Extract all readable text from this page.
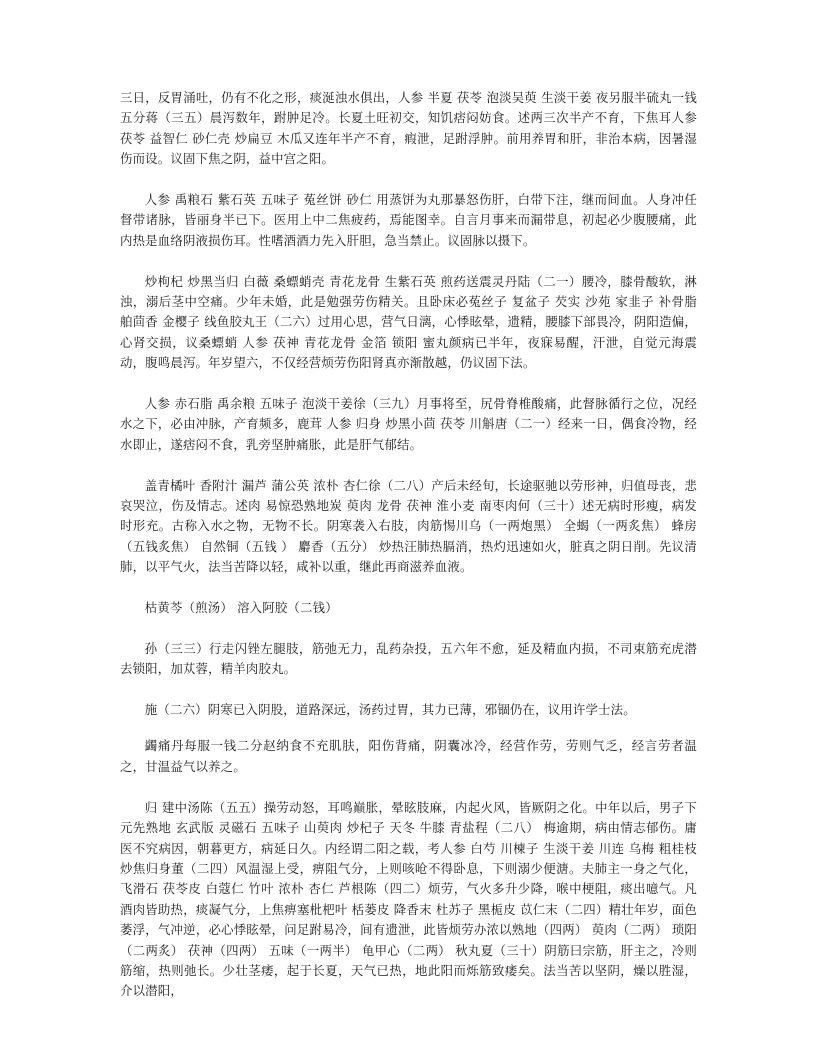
三日，反胃涌吐，仍有不化之形，痰涎浊水俱出，人参 半夏 茯苓 泡淡吴萸 生淡干姜 夜另服半硫丸一钱五分蒋（三五）晨泻数年，跗肿足冷。长夏土旺初交，知饥痞闷妨食。述两三次半产不育，下焦耳人参 茯苓 益智仁 砂仁壳 炒扁豆 木瓜又连年半产不育，瘕泄，足跗浮肿。前用养胃和肝，非治本病，因暑湿伤而设。议固下焦之阴，益中宫之阳。

人参 禹粮石 紫石英 五味子 菟丝饼 砂仁 用蒸饼为丸那暴怒伤肝，白带下注，继而间血。人身冲任督带诸脉，皆丽身半已下。医用上中二焦疲药，焉能图幸。自言月事来而漏带息，初起必少腹腰痛，此内热是血络阴液损伤耳。性嗜酒酒力先入肝胆，急当禁止。议固脉以摄下。

炒枸杞 炒黑当归 白薇 桑螵蛸壳 青花龙骨 生紫石英 煎药送震灵丹陆（二一）腰冷，膝骨酸软，淋浊，溺后茎中空痛。少年未婚，此是勉强劳伤精关。且卧床必菟丝子 复盆子 芡实 沙苑 家韭子 补骨脂 舶茴香 金樱子 线鱼胶丸王（二六）过用心思，营气日漓，心悸眩晕，遗精，腰膝下部畏冷，阴阳造偏，心肾交损，议桑螵蛸 人参 茯神 青花龙骨 金箔 锁阳 蜜丸颜病已半年，夜寐易醒，汗泄，自觉元海震动，腹鸣晨泻。年岁望六，不仅经营烦劳伤阳肾真亦渐散越，仍议固下法。

人参 赤石脂 禹余粮 五味子 泡淡干姜徐（三九）月事将至，尻骨脊椎酸痛，此督脉循行之位，况经水之下，必由冲脉，产育频多，鹿茸 人参 归身 炒黑小茴 茯苓 川斛唐（二一）经来一日，偶食冷物，经水即止，遂痞闷不食，乳旁坚肿痛胀，此是肝气郁结。

盖青橘叶 香附汁 漏芦 蒲公英 浓朴 杏仁徐（二八）产后未经旬，长途驱驰以劳形神，归值母丧，悲哀哭泣，伤及情志。述肉 易惊恐熟地炭 萸肉 龙骨 茯神 淮小麦 南枣肉何（三十）述无病时形瘦，病发时形充。古称入水之物，无物不长。阴寒袭入右肢，肉筋惕川乌（一两炮黑） 全蝎（一两炙焦） 蜂房（五钱炙焦） 自然铜（五钱 ） 麝香（五分） 炒热汪肺热膈消，热灼迅速如火，脏真之阴日削。先议清肺，以平气火，法当苦降以轻，咸补以重，继此再商滋养血液。

枯黄芩（煎汤） 溶入阿胶（二钱）

孙（三三）行走闪锉左腿肢，筋弛无力，乱药杂投，五六年不愈，延及精血内损，不司束筋充虎潜去锁阳，加苁蓉，精羊肉胶丸。

施（二六）阴寒已入阴股，道路深远，汤药过胃，其力已薄，邪锢仍在，议用许学士法。

蠲痛丹每服一钱二分赵纳食不充肌肤，阳伤背痛，阴囊冰冷，经营作劳，劳则气乏，经言劳者温之，甘温益气以养之。

归 建中汤陈（五五）操劳动怒，耳鸣巅胀，晕眩肢麻，内起火风，皆厥阴之化。中年以后，男子下元先熟地 玄武版 灵磁石 五味子 山萸肉 炒杞子 天冬 牛膝 青盐程（二八） 梅逾期，病由情志郁伤。庸医不究病因，朝暮更方，病延日久。内经谓二阳之载，考人参 白芍 川楝子 生淡干姜 川连 乌梅 粗桂枝炒焦归身董（二四）风温湿上受，痹阻气分，上则咳呛不得卧息，下则溺少便溏。夫肺主一身之气化，飞滑石 茯苓皮 白蔻仁 竹叶 浓朴 杏仁 芦根陈（四二）烦劳，气火多升少降，喉中梗阻，痰出噫气。凡酒肉皆助热，痰凝气分，上焦痹塞枇杷叶 栝蒌皮 降香末 杜苏子 黑栀皮 苡仁末（二四）精壮年岁，面色萎浮，气冲逆，必心悸眩晕，问足跗易冷，间有遗泄，此皆烦劳办浓以熟地（四两） 萸肉（二两） 琐阳（二两炙） 茯神（四两） 五味（一两半） 龟甲心（二两） 秋丸夏（三十）阴筋曰宗筋，肝主之，冷则筋缩，热则弛长。少壮茎痿，起于长夏，天气已热，地此阳而烁筋致痿矣。法当苦以坚阴，燥以胜湿，介以潜阳，
